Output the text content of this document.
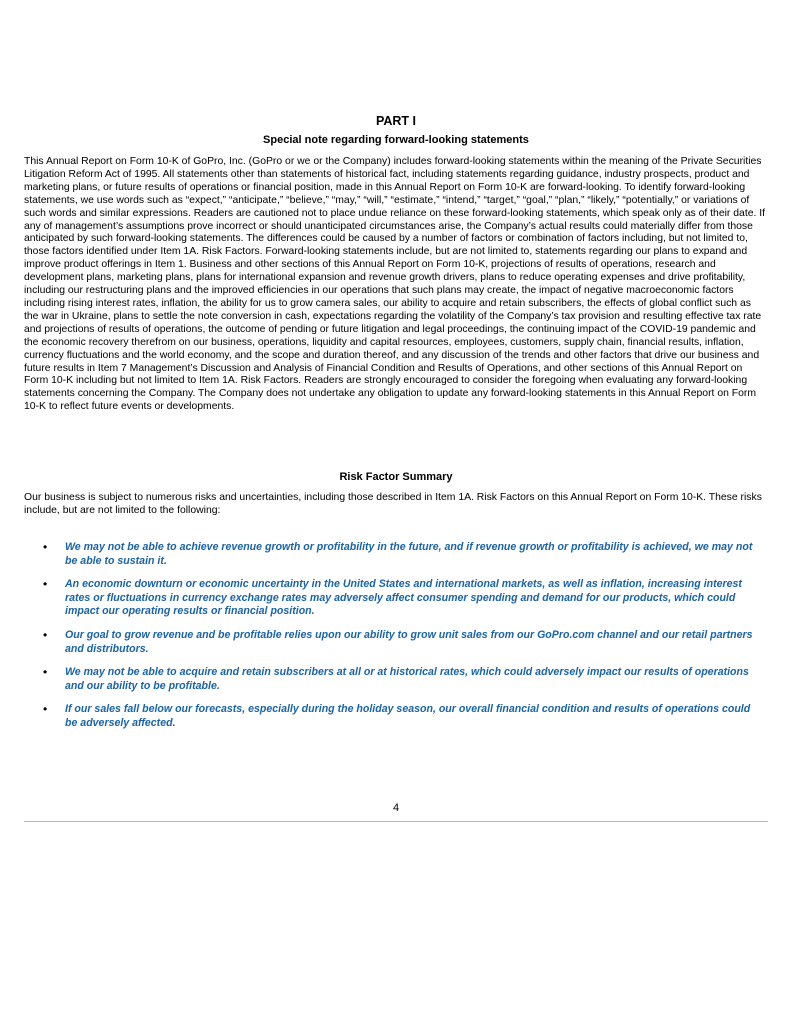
PART I
Special note regarding forward-looking statements

This Annual Report on Form 10-K of GoPro, Inc. (GoPro or we or the Company) includes forward-looking statements within the meaning of the Private Securities Litigation Reform Act of 1995. All statements other than statements of historical fact, including statements regarding guidance, industry prospects, product and marketing plans, or future results of operations or financial position, made in this Annual Report on Form 10-K are forward-looking. To identify forward-looking statements, we use words such as “expect,” “anticipate,” “believe,” “may,” “will,” “estimate,” “intend,” “target,” “goal,” “plan,” “likely,” “potentially,” or variations of such words and similar expressions. Readers are cautioned not to place undue reliance on these forward-looking statements, which speak only as of their date. If any of management’s assumptions prove incorrect or should unanticipated circumstances arise, the Company’s actual results could materially differ from those anticipated by such forward-looking statements. The differences could be caused by a number of factors or combination of factors including, but not limited to, those factors identified under Item 1A. Risk Factors. Forward-looking statements include, but are not limited to, statements regarding our plans to expand and improve product offerings in Item 1. Business and other sections of this Annual Report on Form 10-K, projections of results of operations, research and development plans, marketing plans, plans for international expansion and revenue growth drivers, plans to reduce operating expenses and drive profitability, including our restructuring plans and the improved efficiencies in our operations that such plans may create, the impact of negative macroeconomic factors including rising interest rates, inflation, the ability for us to grow camera sales, our ability to acquire and retain subscribers, the effects of global conflict such as the war in Ukraine, plans to settle the note conversion in cash, expectations regarding the volatility of the Company’s tax provision and resulting effective tax rate and projections of results of operations, the outcome of pending or future litigation and legal proceedings, the continuing impact of the COVID-19 pandemic and the economic recovery therefrom on our business, operations, liquidity and capital resources, employees, customers, supply chain, financial results, inflation, currency fluctuations and the world economy, and the scope and duration thereof, and any discussion of the trends and other factors that drive our business and future results in Item 7 Management’s Discussion and Analysis of Financial Condition and Results of Operations, and other sections of this Annual Report on Form 10-K including but not limited to Item 1A. Risk Factors. Readers are strongly encouraged to consider the foregoing when evaluating any forward-looking statements concerning the Company. The Company does not undertake any obligation to update any forward-looking statements in this Annual Report on Form 10-K to reflect future events or developments.

Risk Factor Summary

Our business is subject to numerous risks and uncertainties, including those described in Item 1A. Risk Factors on this Annual Report on Form 10-K. These risks include, but are not limited to the following:

• We may not be able to achieve revenue growth or profitability in the future, and if revenue growth or profitability is achieved, we may not be able to sustain it.
• An economic downturn or economic uncertainty in the United States and international markets, as well as inflation, increasing interest rates or fluctuations in currency exchange rates may adversely affect consumer spending and demand for our products, which could impact our operating results or financial position.
• Our goal to grow revenue and be profitable relies upon our ability to grow unit sales from our GoPro.com channel and our retail partners and distributors.
• We may not be able to acquire and retain subscribers at all or at historical rates, which could adversely impact our results of operations and our ability to be profitable.
• If our sales fall below our forecasts, especially during the holiday season, our overall financial condition and results of operations could be adversely affected.
4
